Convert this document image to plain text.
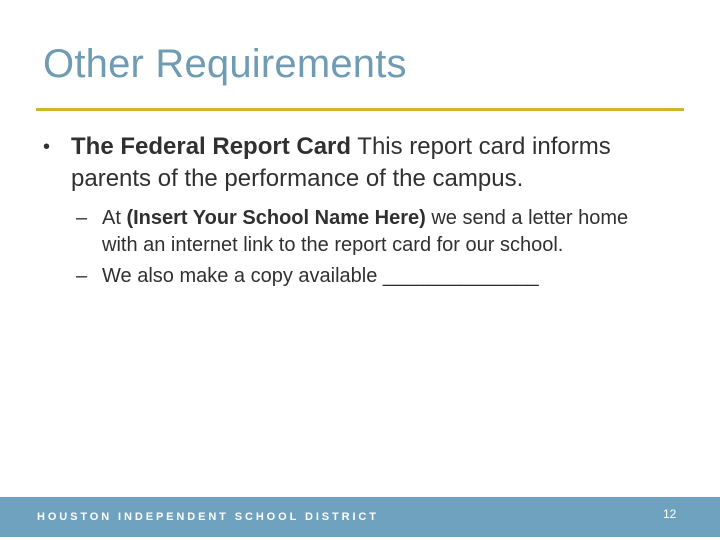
Other Requirements
• The Federal Report Card This report card informs parents of the performance of the campus.
– At (Insert Your School Name Here) we send a letter home with an internet link to the report card for our school.
– We also make a copy available ______________
HOUSTON INDEPENDENT SCHOOL DISTRICT	12
